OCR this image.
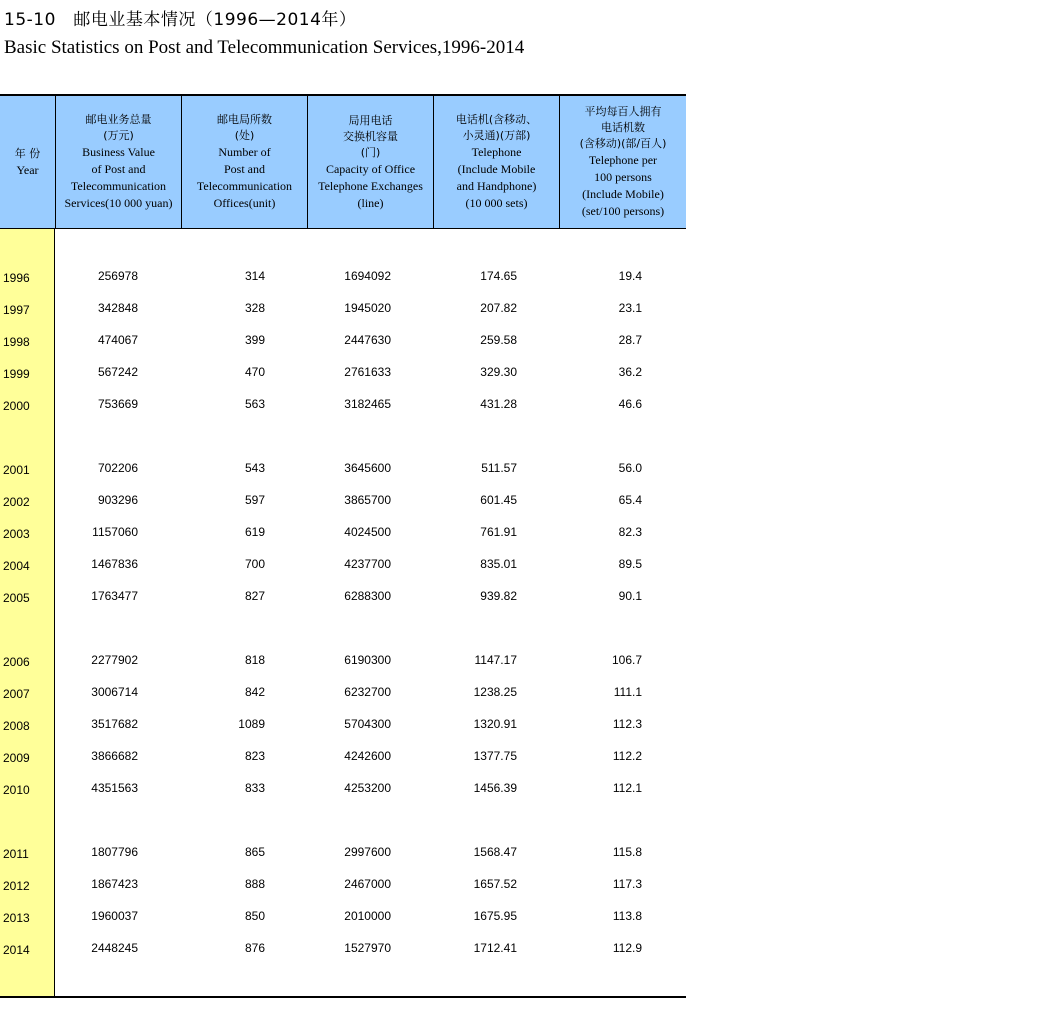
15-10　邮电业基本情况（1996—2014年）
Basic Statistics on Post and Telecommunication Services,1996-2014
年 份
Year
邮电业务总量
(万元)
Business Value
of Post and
Telecommunication
Services(10 000 yuan)
邮电局所数
(处)
Number of
Post and
Telecommunication
Offices(unit)
局用电话
交换机容量
(门)
Capacity of Office
Telephone Exchanges
(line)
电话机(含移动、
小灵通)(万部)
Telephone
(Include Mobile
and Handphone)
(10 000 sets)
平均每百人拥有
电话机数
(含移动)(部/百人)
Telephone per
100 persons
(Include Mobile)
(set/100 persons)
1996	256978	314	1694092	174.65	19.4
1997	342848	328	1945020	207.82	23.1
1998	474067	399	2447630	259.58	28.7
1999	567242	470	2761633	329.30	36.2
2000	753669	563	3182465	431.28	46.6
2001	702206	543	3645600	511.57	56.0
2002	903296	597	3865700	601.45	65.4
2003	1157060	619	4024500	761.91	82.3
2004	1467836	700	4237700	835.01	89.5
2005	1763477	827	6288300	939.82	90.1
2006	2277902	818	6190300	1147.17	106.7
2007	3006714	842	6232700	1238.25	111.1
2008	3517682	1089	5704300	1320.91	112.3
2009	3866682	823	4242600	1377.75	112.2
2010	4351563	833	4253200	1456.39	112.1
2011	1807796	865	2997600	1568.47	115.8
2012	1867423	888	2467000	1657.52	117.3
2013	1960037	850	2010000	1675.95	113.8
2014	2448245	876	1527970	1712.41	112.9
